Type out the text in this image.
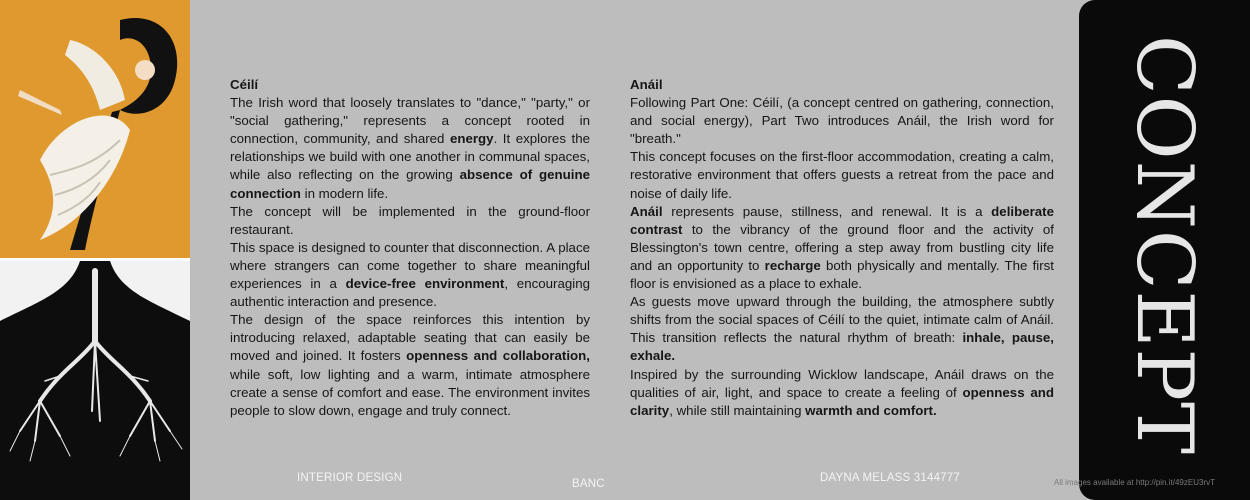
Céilí

The Irish word that loosely translates to "dance," "party," or "social gathering," represents a concept rooted in connection, community, and shared energy. It explores the relationships we build with one another in communal spaces, while also reflecting on the growing absence of genuine connection in modern life.

The concept will be implemented in the ground-floor restaurant.

This space is designed to counter that disconnection. A place where strangers can come together to share meaningful experiences in a device-free environment, encouraging authentic interaction and presence.

The design of the space reinforces this intention by introducing relaxed, adaptable seating that can easily be moved and joined. It fosters openness and collaboration, while soft, low lighting and a warm, intimate atmosphere create a sense of comfort and ease. The environment invites people to slow down, engage and truly connect.

Anáil

Following Part One: Céilí, (a concept centred on gathering, connection, and social energy), Part Two introduces Anáil, the Irish word for "breath."

This concept focuses on the first-floor accommodation, creating a calm, restorative environment that offers guests a retreat from the pace and noise of daily life.

Anáil represents pause, stillness, and renewal. It is a deliberate contrast to the vibrancy of the ground floor and the activity of Blessington's town centre, offering a step away from bustling city life and an opportunity to recharge both physically and mentally. The first floor is envisioned as a place to exhale.

As guests move upward through the building, the atmosphere subtly shifts from the social spaces of Céilí to the quiet, intimate calm of Anáil. This transition reflects the natural rhythm of breath: inhale, pause, exhale.

Inspired by the surrounding Wicklow landscape, Anáil draws on the qualities of air, light, and space to create a feeling of openness and clarity, while still maintaining warmth and comfort.

INTERIOR DESIGN	BANC	DAYNA MELASS 3144777
CONCEPT
All images available at http://pin.it/49zEU3rvT
